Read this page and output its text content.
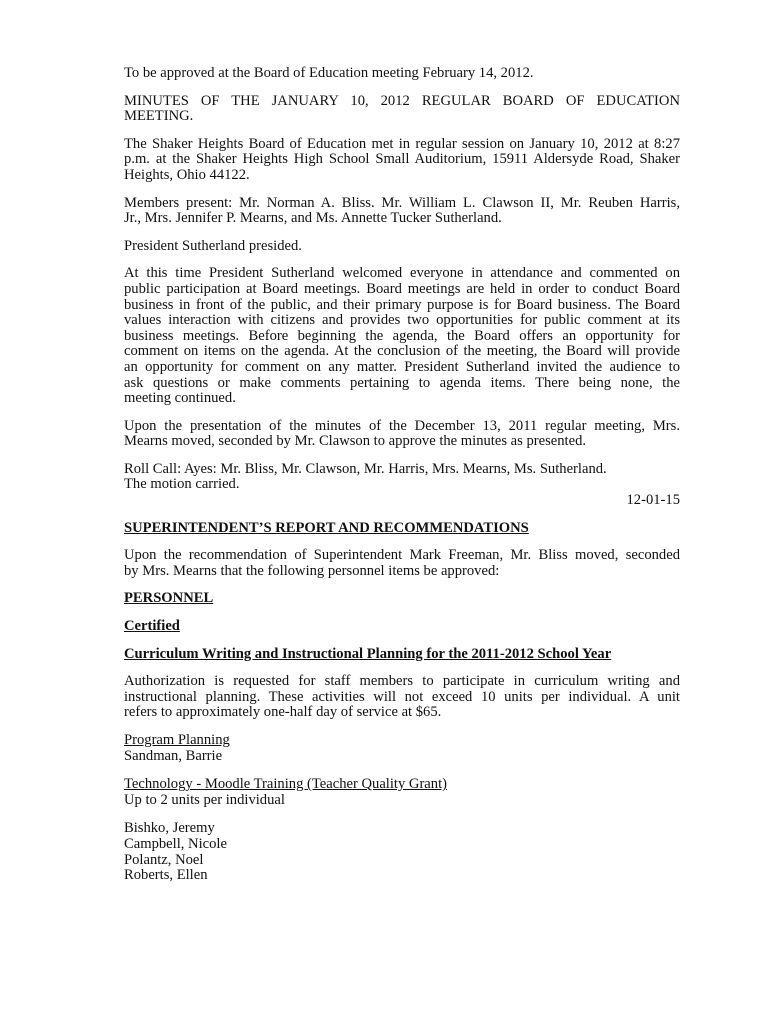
To be approved at the Board of Education meeting February 14, 2012.

MINUTES OF THE JANUARY 10, 2012 REGULAR BOARD OF EDUCATION
MEETING.

The Shaker Heights Board of Education met in regular session on January 10, 2012 at 8:27
p.m. at the Shaker Heights High School Small Auditorium, 15911 Aldersyde Road, Shaker
Heights, Ohio 44122.

Members present: Mr. Norman A. Bliss. Mr. William L. Clawson II, Mr. Reuben Harris,
Jr., Mrs. Jennifer P. Mearns, and Ms. Annette Tucker Sutherland.

President Sutherland presided.

At this time President Sutherland welcomed everyone in attendance and commented on
public participation at Board meetings. Board meetings are held in order to conduct Board
business in front of the public, and their primary purpose is for Board business. The Board
values interaction with citizens and provides two opportunities for public comment at its
business meetings. Before beginning the agenda, the Board offers an opportunity for
comment on items on the agenda. At the conclusion of the meeting, the Board will provide
an opportunity for comment on any matter. President Sutherland invited the audience to
ask questions or make comments pertaining to agenda items. There being none, the
meeting continued.

Upon the presentation of the minutes of the December 13, 2011 regular meeting, Mrs.
Mearns moved, seconded by Mr. Clawson to approve the minutes as presented.

Roll Call: Ayes: Mr. Bliss, Mr. Clawson, Mr. Harris, Mrs. Mearns, Ms. Sutherland.
The motion carried.
12-01-15

SUPERINTENDENT’S REPORT AND RECOMMENDATIONS

Upon the recommendation of Superintendent Mark Freeman, Mr. Bliss moved, seconded
by Mrs. Mearns that the following personnel items be approved:

PERSONNEL

Certified

Curriculum Writing and Instructional Planning for the 2011-2012 School Year

Authorization is requested for staff members to participate in curriculum writing and
instructional planning. These activities will not exceed 10 units per individual. A unit
refers to approximately one-half day of service at $65.

Program Planning
Sandman, Barrie

Technology - Moodle Training (Teacher Quality Grant)
Up to 2 units per individual

Bishko, Jeremy
Campbell, Nicole
Polantz, Noel
Roberts, Ellen
